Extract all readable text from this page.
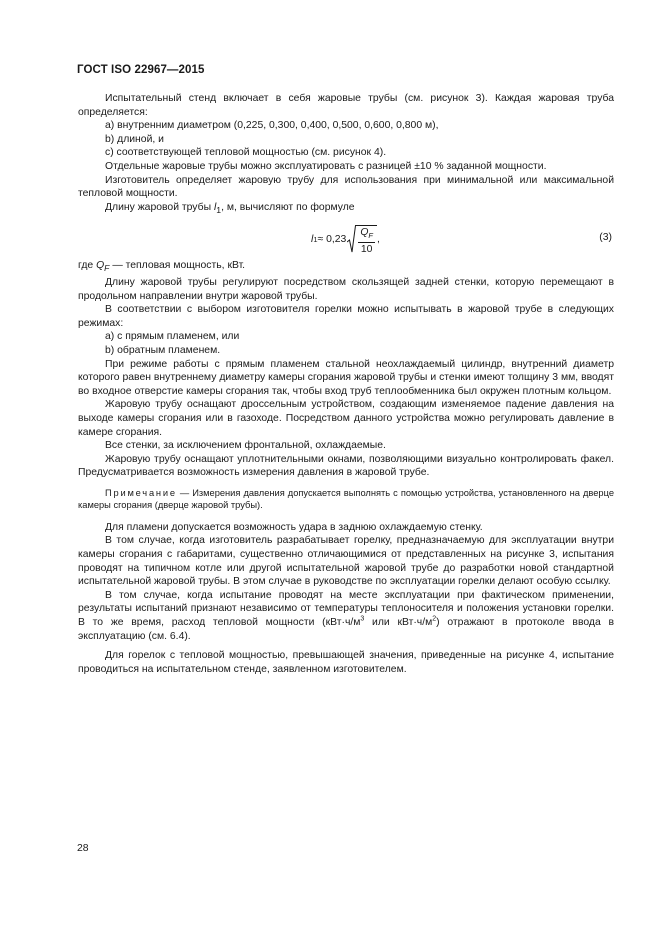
ГОСТ ISO 22967—2015

Испытательный стенд включает в себя жаровые трубы (см. рисунок 3). Каждая жаровая труба определяется:

a) внутренним диаметром (0,225, 0,300, 0,400, 0,500, 0,600, 0,800 м),

b) длиной, и

c) соответствующей тепловой мощностью (см. рисунок 4).

Отдельные жаровые трубы можно эксплуатировать с разницей ±10 % заданной мощности.

Изготовитель определяет жаровую трубу для использования при минимальной или максимальной тепловой мощности.

Длину жаровой трубы $l_1$, м, вычисляют по формуле

l $1 \approx 0,23 \frac{Q_F}{10}$ ,	(3)

где $Q_F$ — тепловая мощность, кВт.

Длину жаровой трубы регулируют посредством скользящей задней стенки, которую перемещают в продольном направлении внутри жаровой трубы.

В соответствии с выбором изготовителя горелки можно испытывать в жаровой трубе в следующих режимах:

a) с прямым пламенем, или

b) обратным пламенем.

При режиме работы с прямым пламенем стальной неохлаждаемый цилиндр, внутренний диаметр которого равен внутреннему диаметру камеры сгорания жаровой трубы и стенки имеют толщину 3 мм, вводят во входное отверстие камеры сгорания так, чтобы вход труб теплообменника был окружен плотным кольцом.

Жаровую трубу оснащают дроссельным устройством, создающим изменяемое падение давления на выходе камеры сгорания или в газоходе. Посредством данного устройства можно регулировать давление в камере сгорания.

Все стенки, за исключением фронтальной, охлаждаемые.

Жаровую трубу оснащают уплотнительными окнами, позволяющими визуально контролировать факел. Предусматривается возможность измерения давления в жаровой трубе.

Примечание — Измерения давления допускается выполнять с помощью устройства, установленного на дверце камеры сгорания (дверце жаровой трубы).

Для пламени допускается возможность удара в заднюю охлаждаемую стенку.

В том случае, когда изготовитель разрабатывает горелку, предназначаемую для эксплуатации внутри камеры сгорания с габаритами, существенно отличающимися от представленных на рисунке 3, испытания проводят на типичном котле или другой испытательной жаровой трубе до разработки новой стандартной испытательной жаровой трубы. В этом случае в руководстве по эксплуатации горелки делают особую ссылку.

В том случае, когда испытание проводят на месте эксплуатации при фактическом применении, результаты испытаний признают независимо от температуры теплоносителя и положения установки горелки. В то же время, расход тепловой мощности ($кВт\cdot ч/м^3$ или $кВт\cdot ч/м^2$) отражают в протоколе ввода в эксплуатацию (см. 6.4).

Для горелок с тепловой мощностью, превышающей значения, приведенные на рисунке 4, испытание проводиться на испытательном стенде, заявленном изготовителем.

28
